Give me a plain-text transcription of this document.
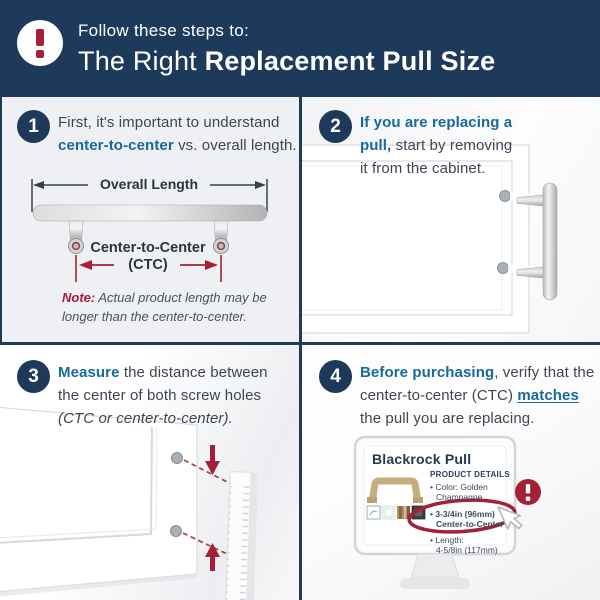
Follow these steps to:
The Right Replacement Pull Size
1	First, it's important to understand
center-to-center vs. overall length.
Overall Length
Center-to-Center
(CTC)
Note: Actual product length may be
longer than the center-to-center.
2	If you are replacing a
pull, start by removing
it from the cabinet.
3	Measure the distance between
the center of both screw holes
(CTC or center-to-center).
Blackrock Pull
PRODUCT DETAILS
• Color: Golden
Champagne
• 3-3/4in (96mm)
Center-to-Center
• Length:
4-5/8in (117mm)
4	Before purchasing, verify that the
center-to-center (CTC) matches
the pull you are replacing.
